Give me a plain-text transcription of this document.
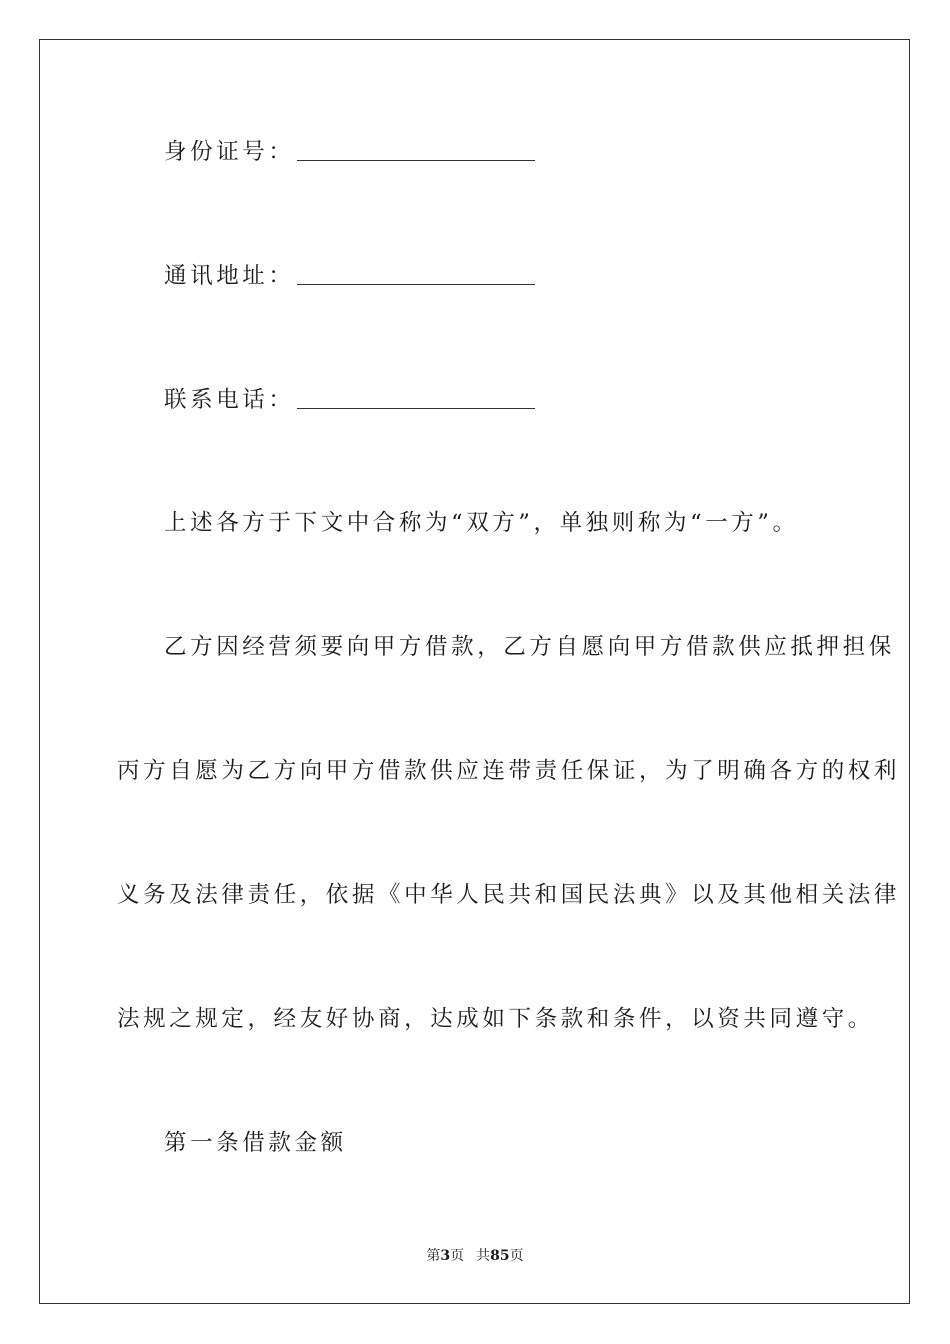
身份证号：
通讯地址：
联系电话：
上述各方于下文中合称为“双方”，单独则称为“一方”。
乙方因经营须要向甲方借款，乙方自愿向甲方借款供应抵押担保
丙方自愿为乙方向甲方借款供应连带责任保证，为了明确各方的权利
义务及法律责任，依据《中华人民共和国民法典》以及其他相关法律
法规之规定，经友好协商，达成如下条款和条件，以资共同遵守。
第一条借款金额
第3页 共85页
